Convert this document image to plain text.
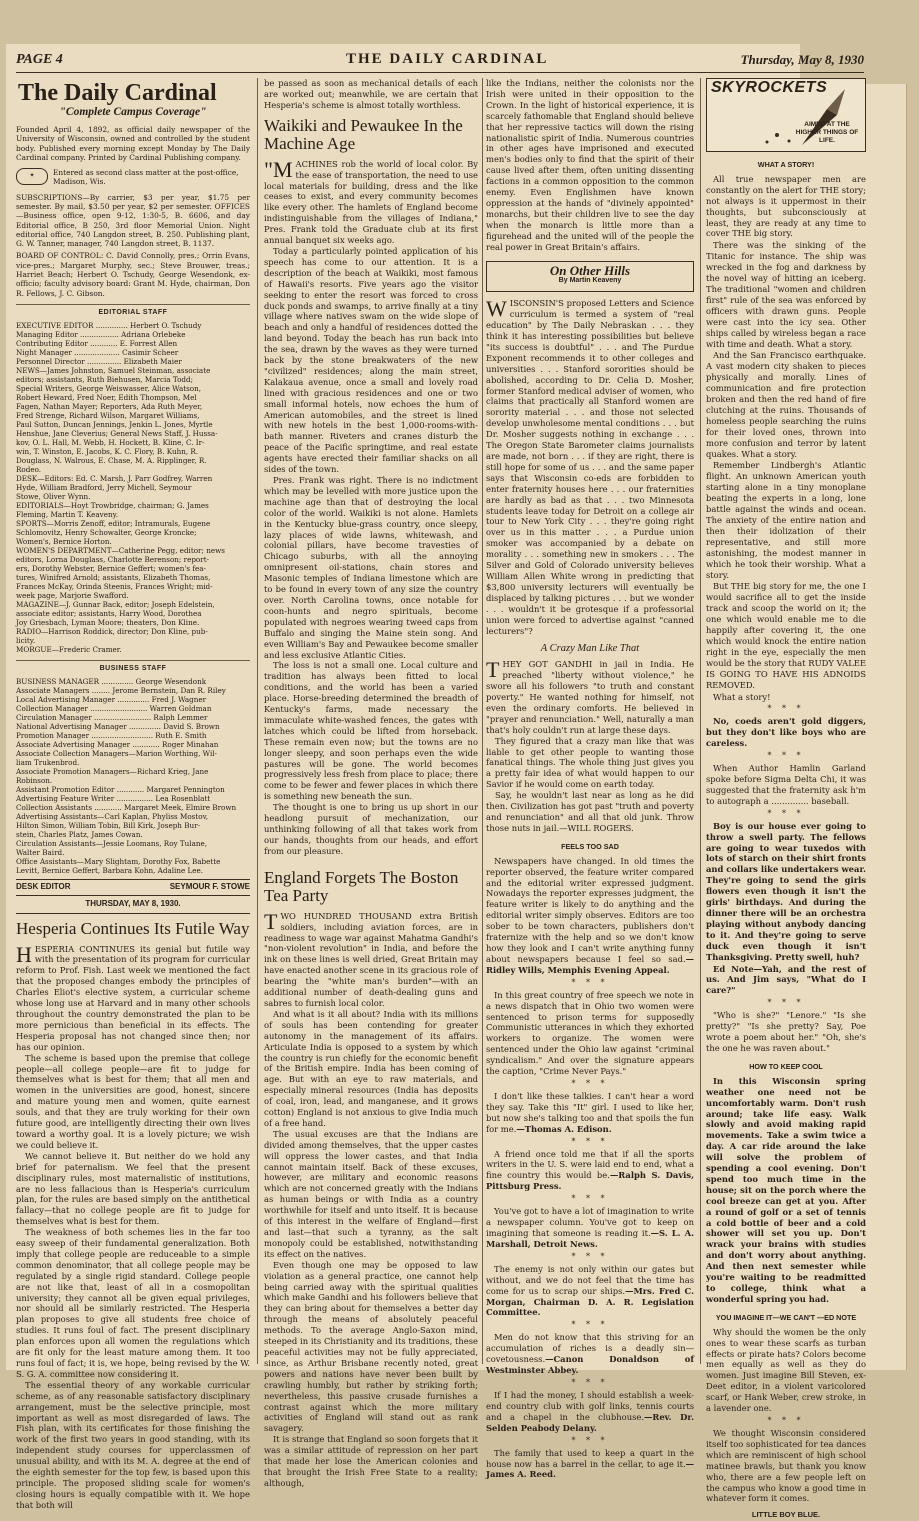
PAGE 4	THE DAILY CARDINAL	Thursday, May 8, 1930
The Daily Cardinal
"Complete Campus Coverage"
Founded April 4, 1892, as official daily newspaper of the University of Wisconsin, owned and controlled by the student body. Published every morning except Monday by The Daily Cardinal company. Printed by Cardinal Publishing company.
✦	Entered as second class matter at the post-office, Madison, Wis.
SUBSCRIPTIONS—By carrier, $3 per year, $1.75 per semester. By mail, $3.50 per year, $2 per semester. OFFICES—Business office, open 9-12, 1:30-5, B. 6606, and day Editorial office, B 250, 3rd floor Memorial Union. Night editorial office, 740 Langdon street, B. 250. Publishing plant, G. W. Tanner, manager, 740 Langdon street, B. 1137.
BOARD OF CONTROL: C. David Connolly, pres.; Orrin Evans, vice-pres.; Margaret Murphy, sec.; Steve Brouwer, treas.; Harriet Beach; Herbert O. Tschudy, George Wesendonk, ex-officio; faculty advisory board: Grant M. Hyde, chairman, Don R. Fellows, J. C. Gibson.
EDITORIAL STAFF
EXECUTIVE EDITOR .............. Herbert O. Tschudy
Managing Editor ................. Adriana Orlebeke
Contributing Editor ............ E. Forrest Allen
Night Manager .................... Casimir Scheer
Personnel Director ............... Elizabeth Maier
NEWS—James Johnston, Samuel Steinman, associate
editors; assistants, Ruth Biehusen, Marcia Todd;
Special Writers, George Weiswasser, Alice Watson,
Robert Heward, Fred Noer, Edith Thompson, Mel
Fagen, Nathan Mayer; Reporters, Ada Ruth Meyer,
Fred Strenge, Richard Wilson, Margaret Williams,
Paul Sutton, Duncan Jennings, Jenkin L. Jones, Myrtle
Henshue, Jane Cleverius; General News Staff, J. Hussa-
kov, O. L. Hall, M. Webb, H. Hockett, B. Kline, C. Ir-
win, T. Winston, E. Jacobs, K. C. Flory, B. Kuhn, R.
Douglass, N. Walrous, E. Chase, M. A. Ripplinger, R.
Rodeo.
DESK—Editors: Ed. C. Marsh, J. Parr Godfrey, Warren
Hyde, William Bradford, Jerry Michell, Seymour
Stowe, Oliver Wynn.
EDITORIALS—Hoyt Trowbridge, chairman; G. James
Fleming, Martin T. Keaveny.
SPORTS—Morris Zenoff, editor; Intramurals, Eugene
Schlomovitz, Henry Schowalter, George Kroncke;
Women's, Bernice Horton.
WOMEN'S DEPARTMENT—Catherine Pegg, editor; news
editors, Lorna Douglass, Charlotte Berenson; report-
ers, Dorothy Webster, Bernice Geffert; women's fea-
tures, Winifred Arnold; assistants, Elizabeth Thomas,
Frances McKay, Orinda Steenis, Frances Wright; mid-
week page, Marjorie Swafford.
MAGAZINE—J. Gunnar Back, editor; Joseph Edelstein,
associate editor; assistants, Harry Wood, Dorothea
Joy Griesbach, Lyman Moore; theaters, Don Kline.
RADIO—Harrison Roddick, director; Don Kline, pub-
licity.
MORGUE—Frederic Cramer.
BUSINESS STAFF
BUSINESS MANAGER .............. George Wesendonk
Associate Managers ........ Jerome Bernstein, Dan R. Riley
Local Advertising Manager .............. Fred J. Wagner
Collection Manager ......................... Warren Goldman
Circulation Manager ......................... Ralph Lemmer
National Advertising Manager .............. David S. Brown
Promotion Manager ........................... Ruth E. Smith
Associate Advertising Manager ............ Roger Minahan
Associate Collection Managers—Marion Worthing, Wil-
liam Trukenbrod.
Associate Promotion Managers—Richard Krieg, Jane
Robinson.
Assistant Promotion Editor ............ Margaret Pennington
Advertising Feature Writer ................ Lea Rosenblatt
Collection Assistants ............ Margaret Meek, Elmire Brown
Advertising Assistants—Carl Kaplan, Phyliss Mostov,
Hilton Simon, William Tobin, Bill Kirk, Joseph Bur-
stein, Charles Platz, James Cowan.
Circulation Assistants—Jessie Loomans, Roy Tulane,
Walter Baird.
Office Assistants—Mary Slightam, Dorothy Fox, Babette
Levitt, Bernice Geffert, Barbara Kohn, Adaline Lee.
DESK EDITOR	SEYMOUR F. STOWE
THURSDAY, MAY 8, 1930.
Hesperia Continues Its Futile Way

HESPERIA CONTINUES its genial but futile way with the presentation of its program for curricular reform to Prof. Fish. Last week we mentioned the fact that the proposed changes embody the principles of Charles Eliot's elective system, a curricular scheme whose long use at Harvard and in many other schools throughout the country demonstrated the plan to be more pernicious than beneficial in its effects. The Hesperia proposal has not changed since then; nor has our opinion.

The scheme is based upon the premise that college people—all college people—are fit to judge for themselves what is best for them; that all men and women in the universities are good, honest, sincere and mature young men and women, quite earnest souls, and that they are truly working for their own future good, are intelligently directing their own lives toward a worthy goal. It is a lovely picture; we wish we could believe it.

We cannot believe it. But neither do we hold any brief for paternalism. We feel that the present disciplinary rules, most maternalistic of institutions, are no less fallacious than is Hesperia's curriculum plan, for the rules are based simply on the antithetical fallacy—that no college people are fit to judge for themselves what is best for them.

The weakness of both schemes lies in the far too easy sweep of their fundamental generalization. Both imply that college people are reduceable to a simple common denominator, that all college people may be regulated by a single rigid standard. College people are not like that, least of all in a cosmopolitan university; they cannot all be given equal privileges, nor should all be similarly restricted. The Hesperia plan proposes to give all students free choice of studies. It runs foul of fact. The present disciplinary plan enforces upon all women the regulations which are fit only for the least mature among them. It too runs foul of fact; it is, we hope, being revised by the W. S. G. A. committee now considering it.

The essential theory of any workable curricular scheme, as of any reasonable satisfactory disciplinary arrangement, must be the selective principle, most important as well as most disregarded of laws. The Fish plan, with its certificates for those finishing the work of the first two years in good standing, with its independent study courses for upperclassmen of unusual ability, and with its M. A. degree at the end of the eighth semester for the top few, is based upon this principle. The proposed sliding scale for women's closing hours is equally compatible with it. We hope that both will

be passed as soon as mechanical details of each are worked out; meanwhile, we are certain that Hesperia's scheme is almost totally worthless.

Waikiki and Pewaukee In the Machine Age

"MACHINES rob the world of local color. By the ease of transportation, the need to use local materials for building, dress and the like ceases to exist, and every community becomes like every other. The hamlets of England become indistinguishable from the villages of Indiana," Pres. Frank told the Graduate club at its first annual banquet six weeks ago.

Today a particularly pointed application of his speech has come to our attention. It is a description of the beach at Waikiki, most famous of Hawaii's resorts. Five years ago the visitor seeking to enter the resort was forced to cross duck ponds and swamps, to arrive finally at a tiny village where natives swam on the wide slope of beach and only a handful of residences dotted the land beyond. Today the beach has run back into the sea, drawn by the waves as they were turned back by the stone breakwaters of the new "civilized" residences; along the main street, Kalakaua avenue, once a small and lovely road lined with gracious residences and one or two small informal hotels, now echoes the hum of American automobiles, and the street is lined with new hotels in the best 1,000-rooms-with-bath manner. Riveters and cranes disturb the peace of the Pacific springtime, and real estate agents have erected their familiar shacks on all sides of the town.

Pres. Frank was right. There is no indictment which may be levelled with more justice upon the machine age than that of destroying the local color of the world. Waikiki is not alone. Hamlets in the Kentucky blue-grass country, once sleepy, lazy places of wide lawns, whitewash, and colonial pillars, have become travesties of Chicago suburbs, with all the annoying omnipresent oil-stations, chain stores and Masonic temples of Indiana limestone which are to be found in every town of any size the country over. North Carolina towns, once notable for coon-hunts and negro spirituals, become populated with negroes wearing tweed caps from Buffalo and singing the Maine stein song. And even William's Bay and Pewaukee become smaller and less exclusive Atlantic Cities.

The loss is not a small one. Local culture and tradition has always been fitted to local conditions, and the world has been a varied place. Horse-breeding determined the breadth of Kentucky's farms, made necessary the immaculate white-washed fences, the gates with latches which could be lifted from horseback. These remain even now; but the towns are no longer sleepy, and soon perhaps even the wide pastures will be gone. The world becomes progressively less fresh from place to place; there come to be fewer and fewer places in which there is something new beneath the sun.

The thought is one to bring us up short in our headlong pursuit of mechanization, our unthinking following of all that takes work from our hands, thoughts from our heads, and effort from our pleasure.

England Forgets The Boston Tea Party

TWO HUNDRED THOUSAND extra British soldiers, including aviation forces, are in readiness to wage war against Mahatma Gandhi's "non-violent revolution" in India, and before the ink on these lines is well dried, Great Britain may have enacted another scene in its gracious role of bearing the "white man's burden"—with an additional number of death-dealing guns and sabres to furnish local color.

And what is it all about? India with its millions of souls has been contending for greater autonomy in the management of its affairs. Articulate India is opposed to a system by which the country is run chiefly for the economic benefit of the British empire. India has been coming of age. But with an eye to raw materials, and especially mineral resources (India has deposits of coal, iron, lead, and manganese, and it grows cotton) England is not anxious to give India much of a free hand.

The usual excuses are that the Indians are divided among themselves, that the upper castes will oppress the lower castes, and that India cannot maintain itself. Back of these excuses, however, are military and economic reasons which are not concerned greatly with the Indians as human beings or with India as a country worthwhile for itself and unto itself. It is because of this interest in the welfare of England—first and last—that such a tyranny, as the salt monopoly could be established, notwithstanding its effect on the natives.

Even though one may be opposed to law violation as a general practice, one cannot help being carried away with the spiritual qualities which make Gandhi and his followers believe that they can bring about for themselves a better day through the means of absolutely peaceful methods. To the average Anglo-Saxon mind, steeped in its Christianity and its traditions, these peaceful activities may not be fully appreciated, since, as Arthur Brisbane recently noted, great powers and nations have never been built by crawling humbly, but rather by striking forth; nevertheless, this passive crusade furnishes a contrast against which the more military activities of England will stand out as rank savagery.

It is strange that England so soon forgets that it was a similar attitude of repression on her part that made her lose the American colonies and that brought the Irish Free State to a reality; although,

like the Indians, neither the colonists nor the Irish were united in their opposition to the Crown. In the light of historical experience, it is scarcely fathomable that England should believe that her repressive tactics will down the rising nationalistic spirit of India. Numerous countries in other ages have imprisoned and executed men's bodies only to find that the spirit of their cause lived after them, often uniting dissenting factions in a common opposition to the common enemy. Even Englishmen have known oppression at the hands of "divinely appointed" monarchs, but their children live to see the day when the monarch is little more than a figurehead and the united will of the people the real power in Great Britain's affairs.

On Other Hills
By Martin Keaveny

WISCONSIN'S proposed Letters and Science curriculum is termed a system of "real education" by The Daily Nebraskan . . . they think it has interesting possibilities but believe "its success is doubtful" . . . and The Purdue Exponent recommends it to other colleges and universities . . . Stanford sororities should be abolished, according to Dr. Celia D. Mosher, former Stanford medical adviser of women, who claims that practically all Stanford women are sorority material . . . and those not selected develop unwholesome mental conditions . . . but Dr. Mosher suggests nothing in exchange . . . The Oregon State Barometer claims journalists are made, not born . . . if they are right, there is still hope for some of us . . . and the same paper says that Wisconsin co-eds are forbidden to enter fraternity houses here . . . our fraternities are hardly as bad as that . . . two Minnesota students leave today for Detroit on a college air tour to New York City . . . they're going right over us in this matter . . . a Purdue union smoker was accompanied by a debate on morality . . . something new in smokers . . . The Silver and Gold of Colorado university believes William Allen White wrong in predicting that $3,800 university lecturers will eventually be displaced by talking pictures . . . but we wonder . . . wouldn't it be grotesque if a professorial union were forced to advertise against "canned lecturers"?

A Crazy Man Like That

THEY GOT GANDHI in jail in India. He preached "liberty without violence," he swore all his followers "to truth and constant poverty." He wanted nothing for himself, not even the ordinary comforts. He believed in "prayer and renunciation." Well, naturally a man that's holy couldn't run at large these days.

They figured that a crazy man like that was liable to get other people to wanting those fanatical things. The whole thing just gives you a pretty fair idea of what would happen to our Savior if he would come on earth today.

Say, he wouldn't last near as long as he did then. Civilization has got past "truth and poverty and renunciation" and all that old junk. Throw those nuts in jail.—WILL ROGERS.

FEELS TOO SAD

Newspapers have changed. In old times the reporter observed, the feature writer compared and the editorial writer expressed judgment. Nowadays the reporter expresses judgment, the feature writer is likely to do anything and the editorial writer simply observes. Editors are too sober to be town characters, publishers don't fraternize with the help and so we don't know how they look and I can't write anything funny about newspapers because I feel so sad.—Ridley Wills, Memphis Evening Appeal.

* * *

In this great country of free speech we note in a news dispatch that in Ohio two women were sentenced to prison terms for supposedly Communistic utterances in which they exhorted workers to organize. The women were sentenced under the Ohio law against "criminal syndicalism." And over the signature appears the caption, "Crime Never Pays."

* * *

I don't like these talkies. I can't hear a word they say. Take this "It" girl. I used to like her, but now she's talking too and that spoils the fun for me.—Thomas A. Edison.

* * *

A friend once told me that if all the sports writers in the U. S. were laid end to end, what a fine country this would be.—Ralph S. Davis, Pittsburg Press.

* * *

You've got to have a lot of imagination to write a newspaper column. You've got to keep on imagining that someone is reading it.—S. L. A. Marshall, Detroit News.

* * *

The enemy is not only within our gates but without, and we do not feel that the time has come for us to scrap our ships.—Mrs. Fred C. Morgan, Chairman D. A. R. Legislation Committee.

* * *

Men do not know that this striving for an accumulation of riches is a deadly sin—covetousness.—Canon Donaldson of Westminster Abbey.

* * *

If I had the money, I should establish a week-end country club with golf links, tennis courts and a chapel in the clubhouse.—Rev. Dr. Selden Peabody Delany.

* * *

The family that used to keep a quart in the house now has a barrel in the cellar, to age it.—James A. Reed.

SKYROCKETS
AIMED AT THE HIGHER THINGS OF LIFE.
WHAT A STORY!

All true newspaper men are constantly on the alert for THE story; not always is it uppermost in their thoughts, but subconsciously at least, they are ready at any time to cover THE big story.

There was the sinking of the Titanic for instance. The ship was wrecked in the fog and darkness by the novel way of hitting an iceberg. The traditional "women and children first" rule of the sea was enforced by officers with drawn guns. People were cast into the icy sea. Other ships called by wireless began a race with time and death. What a story.

And the San Francisco earthquake. A vast modern city shaken to pieces physically and morally. Lines of communication and fire protection broken and then the red hand of fire clutching at the ruins. Thousands of homeless people searching the ruins for their loved ones, thrown into more confusion and terror by latent quakes. What a story.

Remember Lindbergh's Atlantic flight. An unknown American youth starting alone in a tiny monoplane beating the experts in a long, lone battle against the winds and ocean. The anxiety of the entire nation and then their idolization of their representative, and still more astonishing, the modest manner in which he took their worship. What a story.

But THE big story for me, the one I would sacrifice all to get the inside track and scoop the world on it; the one which would enable me to die happily after covering it, the one which would knock the entire nation right in the eye, especially the men would be the story that RUDY VALEE IS GOING TO HAVE HIS ADNOIDS REMOVED.

What a story!

* * *

No, coeds aren't gold diggers, but they don't like boys who are careless.

* * *

When Author Hamlin Garland spoke before Sigma Delta Chi, it was suggested that the fraternity ask h'm to autograph a .............. baseball.

* * *

Boy is our house ever going to throw a swell party. The fellows are going to wear tuxedos with lots of starch on their shirt fronts and collars like undertakers wear. They're going to send the girls flowers even though it isn't the girls' birthdays. And during the dinner there will be an orchestra playing without anybody dancing to it. And they're going to serve duck even though it isn't Thanksgiving. Pretty swell, huh?

Ed Note—Yah, and the rest of us. And Jim says, "What do I care?"

* * *

"Who is she?" "Lenore." "Is she pretty?" "Is she pretty? Say, Poe wrote a poem about her." "Oh, she's the one he was raven about."

HOW TO KEEP COOL

In this Wisconsin spring weather one need not be uncomfortably warm. Don't rush around; take life easy. Walk slowly and avoid making rapid movements. Take a swim twice a day. A car ride around the lake will solve the problem of spending a cool evening. Don't spend too much time in the house; sit on the porch where the cool breeze can get at you. After a round of golf or a set of tennis a cold bottle of beer and a cold shower will set you up. Don't wrack your brains with studies and don't worry about anything. And then next semester while you're waiting to be readmitted to college, think what a wonderful spring you had.

YOU IMAGINE IT—WE CAN'T —ED NOTE

Why should the women be the only ones to wear these scarfs as turban effects or pirate hats? Colors become men equally as well as they do women. Just imagine Bill Steven, ex-Deet editor, in a violent varicolored scarf, or Hank Weber, crew stroke, in a lavender one.

* * *

We thought Wisconsin considered itself too sophisticated for tea dances which are reminiscent of high school matinee brawls, but thank you know who, there are a few people left on the campus who know a good time in whatever form it comes.

LITTLE BOY BLUE.
